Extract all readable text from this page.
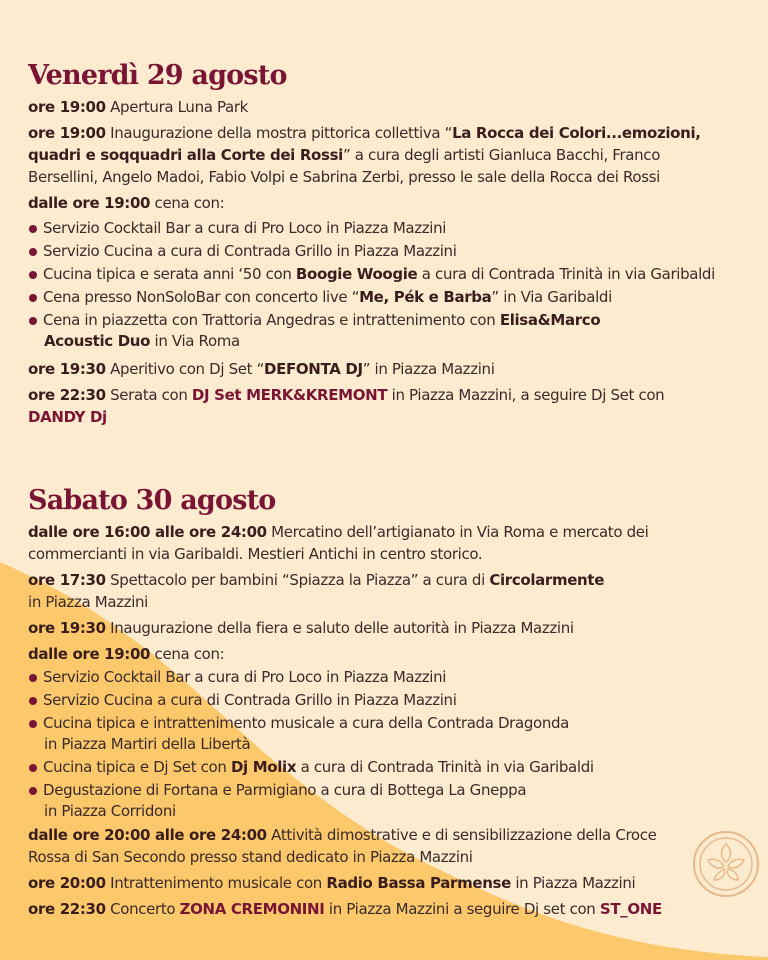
Venerdì 29 agosto

ore 19:00 Apertura Luna Park

ore 19:00 Inaugurazione della mostra pittorica collettiva “La Rocca dei Colori...emozioni,
quadri e soqquadri alla Corte dei Rossi” a cura degli artisti Gianluca Bacchi, Franco
Bersellini, Angelo Madoi, Fabio Volpi e Sabrina Zerbi, presso le sale della Rocca dei Rossi

dalle ore 19:00 cena con:

Servizio Cocktail Bar a cura di Pro Loco in Piazza Mazzini
Servizio Cucina a cura di Contrada Grillo in Piazza Mazzini
Cucina tipica e serata anni ‘50 con Boogie Woogie a cura di Contrada Trinità in via Garibaldi
Cena presso NonSoloBar con concerto live “Me, Pék e Barba” in Via Garibaldi
Cena in piazzetta con Trattoria Angedras e intrattenimento con Elisa&Marco
Acoustic Duo in Via Roma

ore 19:30 Aperitivo con Dj Set “DEFONTA DJ” in Piazza Mazzini

ore 22:30 Serata con DJ Set MERK&KREMONT in Piazza Mazzini, a seguire Dj Set con
DANDY Dj

Sabato 30 agosto

dalle ore 16:00 alle ore 24:00 Mercatino dell’artigianato in Via Roma e mercato dei
commercianti in via Garibaldi. Mestieri Antichi in centro storico.

ore 17:30 Spettacolo per bambini “Spiazza la Piazza” a cura di Circolarmente
in Piazza Mazzini

ore 19:30 Inaugurazione della fiera e saluto delle autorità in Piazza Mazzini

dalle ore 19:00 cena con:

Servizio Cocktail Bar a cura di Pro Loco in Piazza Mazzini
Servizio Cucina a cura di Contrada Grillo in Piazza Mazzini
Cucina tipica e intrattenimento musicale a cura della Contrada Dragonda
in Piazza Martiri della Libertà
Cucina tipica e Dj Set con Dj Molix a cura di Contrada Trinità in via Garibaldi
Degustazione di Fortana e Parmigiano a cura di Bottega La Gneppa
in Piazza Corridoni

dalle ore 20:00 alle ore 24:00 Attività dimostrative e di sensibilizzazione della Croce
Rossa di San Secondo presso stand dedicato in Piazza Mazzini

ore 20:00 Intrattenimento musicale con Radio Bassa Parmense in Piazza Mazzini

ore 22:30 Concerto ZONA CREMONINI in Piazza Mazzini a seguire Dj set con ST_ONE
